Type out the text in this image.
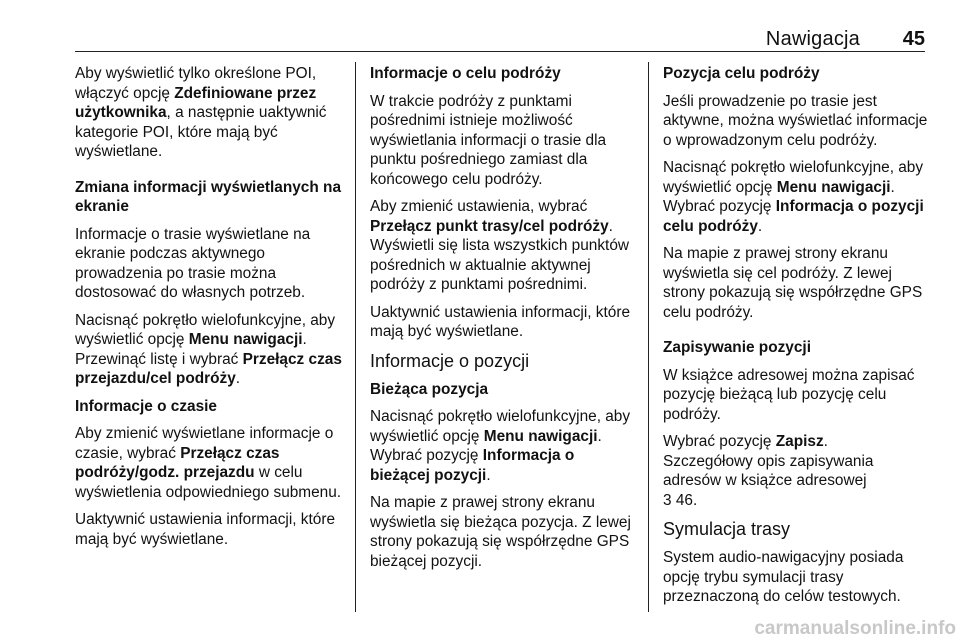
Nawigacja 45

Aby wyświetlić tylko określone POI, włączyć opcję Zdefiniowane przez użytkownika, a następnie uaktywnić kategorie POI, które mają być wyświetlane.

Zmiana informacji wyświetlanych na ekranie

Informacje o trasie wyświetlane na ekranie podczas aktywnego prowadzenia po trasie można dostosować do własnych potrzeb.

Nacisnąć pokrętło wielofunkcyjne, aby wyświetlić opcję Menu nawigacji. Przewinąć listę i wybrać Przełącz czas przejazdu/cel podróży.

Informacje o czasie

Aby zmienić wyświetlane informacje o czasie, wybrać Przełącz czas podróży/godz. przejazdu w celu wyświetlenia odpowiedniego submenu.

Uaktywnić ustawienia informacji, które mają być wyświetlane.

Informacje o celu podróży

W trakcie podróży z punktami pośrednimi istnieje możliwość wyświetlania informacji o trasie dla punktu pośredniego zamiast dla końcowego celu podróży.

Aby zmienić ustawienia, wybrać Przełącz punkt trasy/cel podróży. Wyświetli się lista wszystkich punktów pośrednich w aktualnie aktywnej podróży z punktami pośrednimi.

Uaktywnić ustawienia informacji, które mają być wyświetlane.

Informacje o pozycji

Bieżąca pozycja

Nacisnąć pokrętło wielofunkcyjne, aby wyświetlić opcję Menu nawigacji. Wybrać pozycję Informacja o bieżącej pozycji.

Na mapie z prawej strony ekranu wyświetla się bieżąca pozycja. Z lewej strony pokazują się współrzędne GPS bieżącej pozycji.

Pozycja celu podróży

Jeśli prowadzenie po trasie jest aktywne, można wyświetlać informacje o wprowadzonym celu podróży.

Nacisnąć pokrętło wielofunkcyjne, aby wyświetlić opcję Menu nawigacji. Wybrać pozycję Informacja o pozycji celu podróży.

Na mapie z prawej strony ekranu wyświetla się cel podróży. Z lewej strony pokazują się współrzędne GPS celu podróży.

Zapisywanie pozycji

W książce adresowej można zapisać pozycję bieżącą lub pozycję celu podróży.

Wybrać pozycję Zapisz.

Szczegółowy opis zapisywania adresów w książce adresowej
3 46.

Symulacja trasy

System audio-nawigacyjny posiada opcję trybu symulacji trasy przeznaczoną do celów testowych.

carmanualsonline.info
